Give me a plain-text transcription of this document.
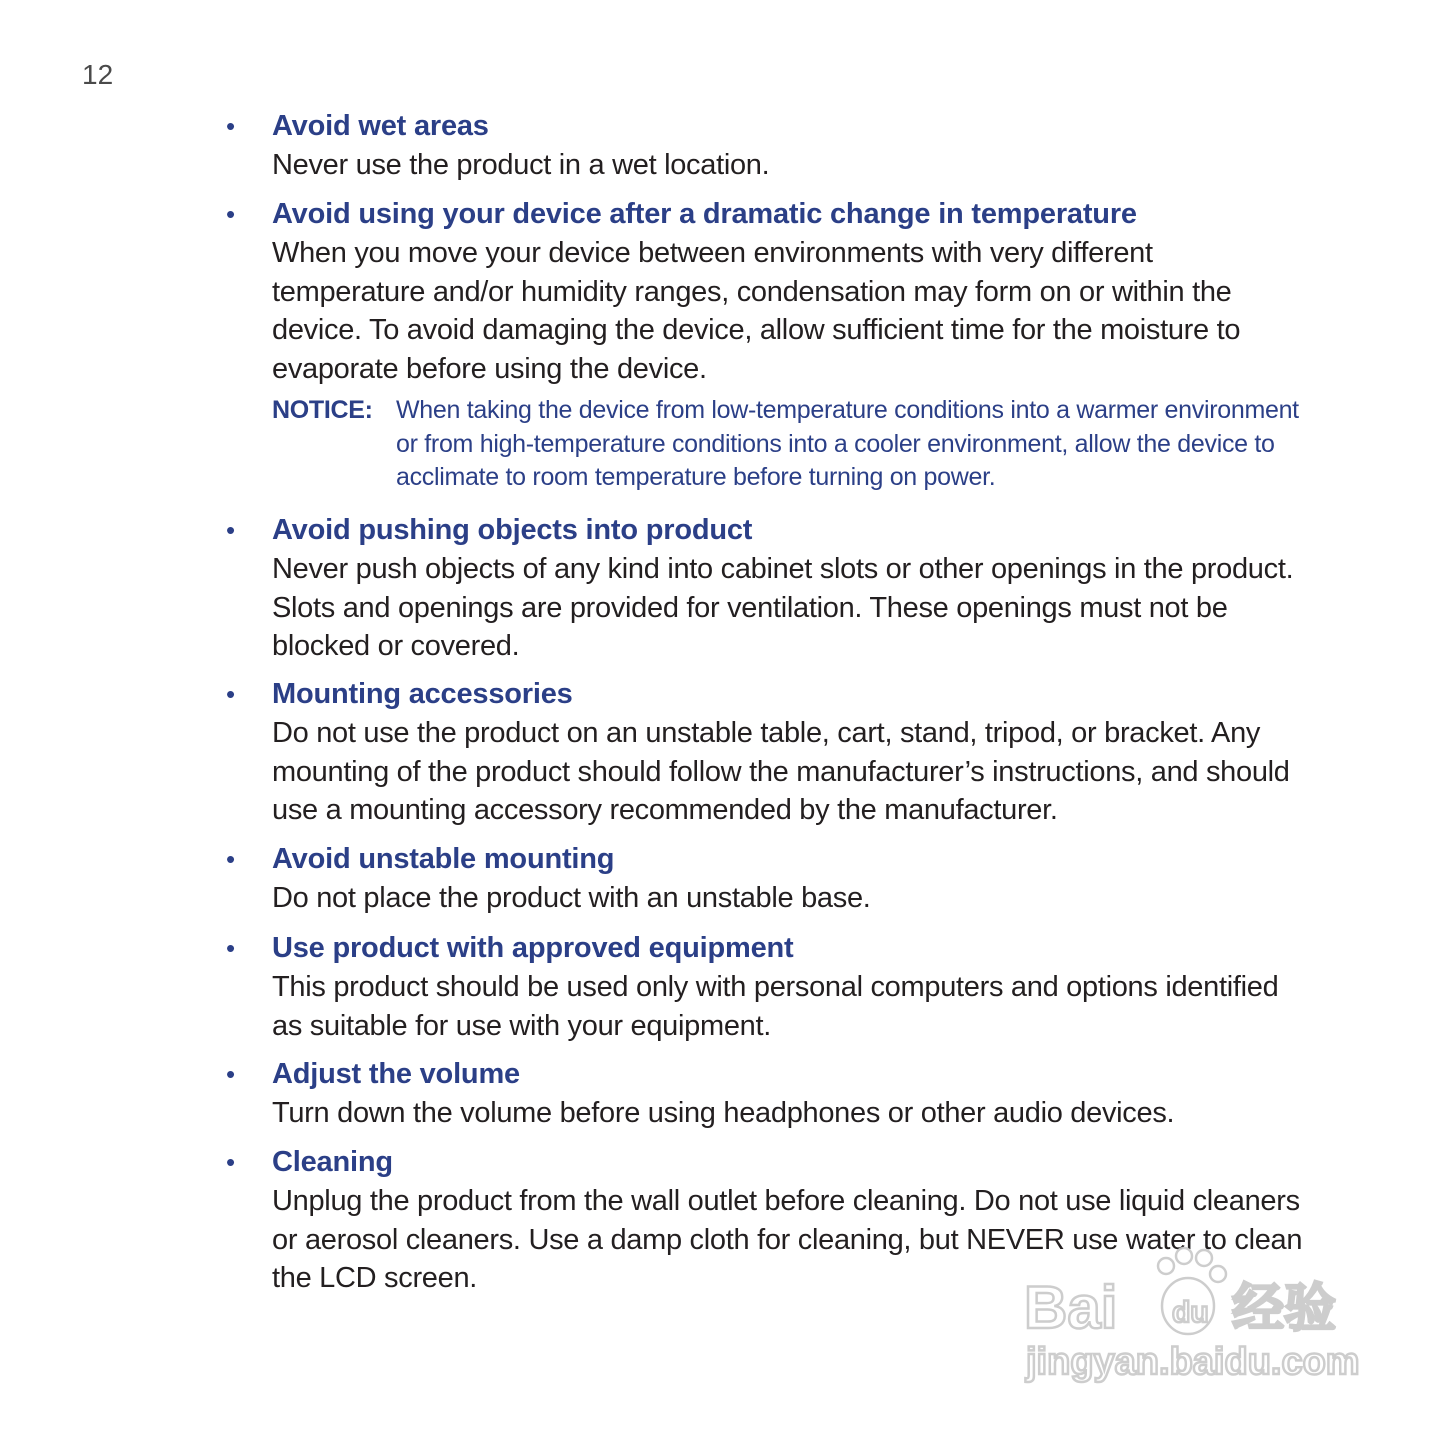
12
• Avoid wet areas
Never use the product in a wet location.
• Avoid using your device after a dramatic change in temperature
When you move your device between environments with very different temperature and/or humidity ranges, condensation may form on or within the device. To avoid damaging the device, allow sufficient time for the moisture to evaporate before using the device.
NOTICE: When taking the device from low-temperature conditions into a warmer environment or from high-temperature conditions into a cooler environment, allow the device to acclimate to room temperature before turning on power.
• Avoid pushing objects into product
Never push objects of any kind into cabinet slots or other openings in the product. Slots and openings are provided for ventilation. These openings must not be blocked or covered.
• Mounting accessories
Do not use the product on an unstable table, cart, stand, tripod, or bracket. Any mounting of the product should follow the manufacturer’s instructions, and should use a mounting accessory recommended by the manufacturer.
• Avoid unstable mounting
Do not place the product with an unstable base.
• Use product with approved equipment
This product should be used only with personal computers and options identified as suitable for use with your equipment.
• Adjust the volume
Turn down the volume before using headphones or other audio devices.
• Cleaning
Unplug the product from the wall outlet before cleaning. Do not use liquid cleaners or aerosol cleaners. Use a damp cloth for cleaning, but NEVER use water to clean the LCD screen.	Bai du 经验
jingyan.baidu.com
